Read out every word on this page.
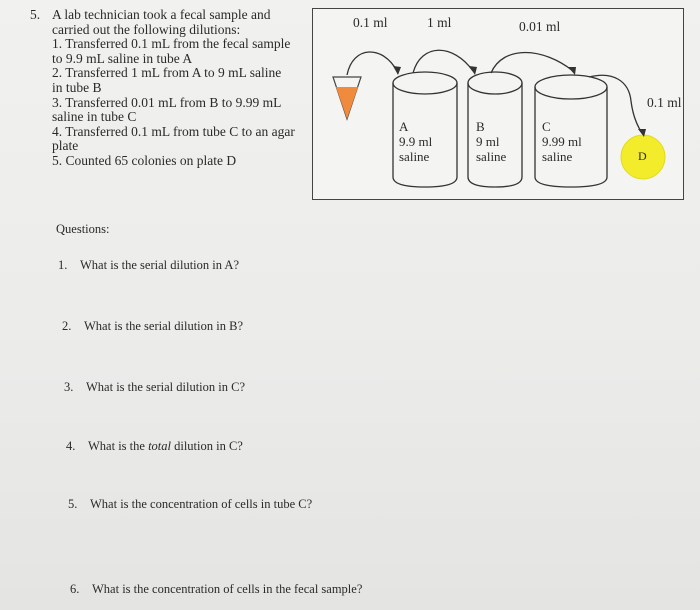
5. A lab technician took a fecal sample and
carried out the following dilutions:
1. Transferred 0.1 mL from the fecal sample
to 9.9 mL saline in tube A
2. Transferred 1 mL from A to 9 mL saline
in tube B
3. Transferred 0.01 mL from B to 9.99 mL
saline in tube C
4. Transferred 0.1 mL from tube C to an agar
plate
5. Counted 65 colonies on plate D
0.1 ml	1 ml	0.01 ml
0.1 ml
A
9.9 ml
saline
B
9 ml
saline
C
9.99 ml
saline	D
Questions:
1. What is the serial dilution in A?
2. What is the serial dilution in B?
3. What is the serial dilution in C?
4. What is the total dilution in C?
5. What is the concentration of cells in tube C?
6. What is the concentration of cells in the fecal sample?
